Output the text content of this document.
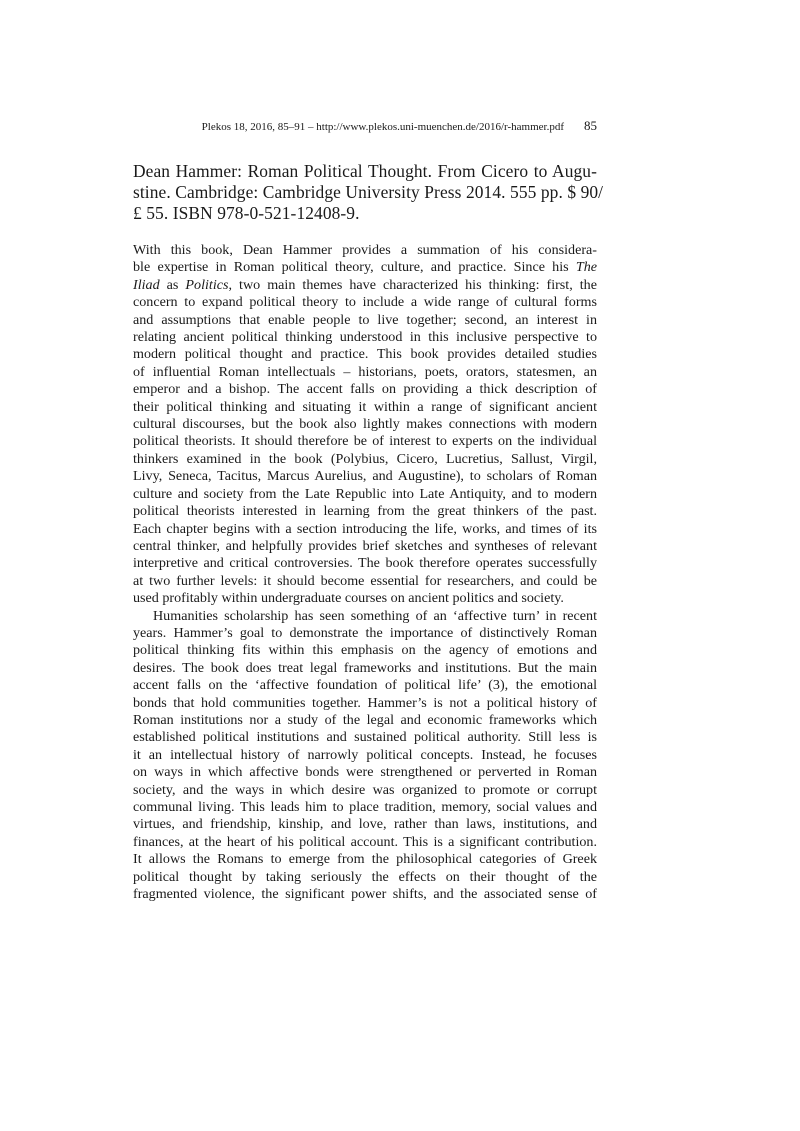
Plekos 18, 2016, 85–91 – http://www.plekos.uni-muenchen.de/2016/r-hammer.pdf 85
Dean Hammer: Roman Political Thought. From Cicero to Augu-
stine. Cambridge: Cambridge University Press 2014. 555 pp. $ 90/
£ 55. ISBN 978-0-521-12408-9.
With this book, Dean Hammer provides a summation of his considera-
ble expertise in Roman political theory, culture, and practice. Since his The
Iliad as Politics, two main themes have characterized his thinking: first, the
concern to expand political theory to include a wide range of cultural forms
and assumptions that enable people to live together; second, an interest in
relating ancient political thinking understood in this inclusive perspective to
modern political thought and practice. This book provides detailed studies
of influential Roman intellectuals – historians, poets, orators, statesmen, an
emperor and a bishop. The accent falls on providing a thick description of
their political thinking and situating it within a range of significant ancient
cultural discourses, but the book also lightly makes connections with modern
political theorists. It should therefore be of interest to experts on the individual
thinkers examined in the book (Polybius, Cicero, Lucretius, Sallust, Virgil,
Livy, Seneca, Tacitus, Marcus Aurelius, and Augustine), to scholars of Roman
culture and society from the Late Republic into Late Antiquity, and to modern
political theorists interested in learning from the great thinkers of the past.
Each chapter begins with a section introducing the life, works, and times of its
central thinker, and helpfully provides brief sketches and syntheses of relevant
interpretive and critical controversies. The book therefore operates successfully
at two further levels: it should become essential for researchers, and could be
used profitably within undergraduate courses on ancient politics and society.
Humanities scholarship has seen something of an ‘affective turn’ in recent
years. Hammer’s goal to demonstrate the importance of distinctively Roman
political thinking fits within this emphasis on the agency of emotions and
desires. The book does treat legal frameworks and institutions. But the main
accent falls on the ‘affective foundation of political life’ (3), the emotional
bonds that hold communities together. Hammer’s is not a political history of
Roman institutions nor a study of the legal and economic frameworks which
established political institutions and sustained political authority. Still less is
it an intellectual history of narrowly political concepts. Instead, he focuses
on ways in which affective bonds were strengthened or perverted in Roman
society, and the ways in which desire was organized to promote or corrupt
communal living. This leads him to place tradition, memory, social values and
virtues, and friendship, kinship, and love, rather than laws, institutions, and
finances, at the heart of his political account. This is a significant contribution.
It allows the Romans to emerge from the philosophical categories of Greek
political thought by taking seriously the effects on their thought of the
fragmented violence, the significant power shifts, and the associated sense of
